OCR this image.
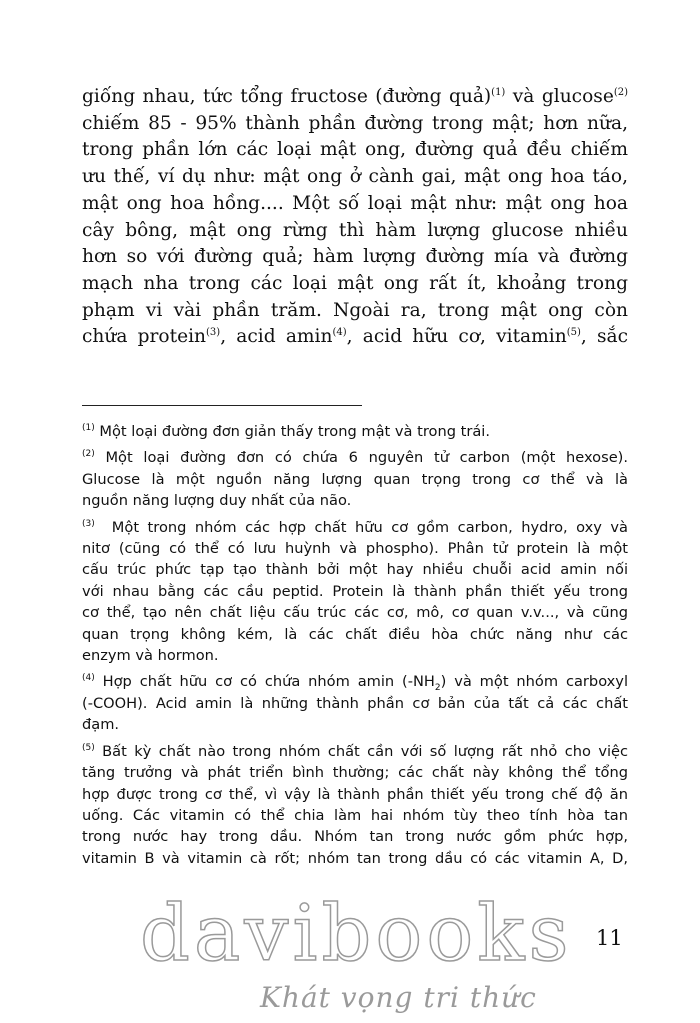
giống nhau, tức tổng fructose (đường quả)$^{(1)}$ và glucose$^{(2)}$
chiếm 85 - 95% thành phần đường trong mật; hơn nữa,
trong phần lớn các loại mật ong, đường quả đều chiếm
ưu thế, ví dụ như: mật ong ở cành gai, mật ong hoa táo,
mật ong hoa hồng.... Một số loại mật như: mật ong hoa
cây bông, mật ong rừng thì hàm lượng glucose nhiều
hơn so với đường quả; hàm lượng đường mía và đường
mạch nha trong các loại mật ong rất ít, khoảng trong
phạm vi vài phần trăm. Ngoài ra, trong mật ong còn
chứa protein$^{(3)}$, acid amin$^{(4)}$, acid hữu cơ, vitamin$^{(5)}$, sắc
$^{(1)}$ Một loại đường đơn giản thấy trong mật và trong trái.
$^{(2)}$ Một loại đường đơn có chứa 6 nguyên tử carbon (một hexose).
Glucose là một nguồn năng lượng quan trọng trong cơ thể và là
nguồn năng lượng duy nhất của não.
$^{(3)}$ Một trong nhóm các hợp chất hữu cơ gồm carbon, hydro, oxy và
nitơ (cũng có thể có lưu huỳnh và phospho). Phân tử protein là một
cấu trúc phức tạp tạo thành bởi một hay nhiều chuỗi acid amin nối
với nhau bằng các cầu peptid. Protein là thành phần thiết yếu trong
cơ thể, tạo nên chất liệu cấu trúc các cơ, mô, cơ quan v.v..., và cũng
quan trọng không kém, là các chất điều hòa chức năng như các
enzym và hormon.
$^{(4)}$ Hợp chất hữu cơ có chứa nhóm amin $(-NH_2)$ và một nhóm carboxyl
(-COOH). Acid amin là những thành phần cơ bản của tất cả các chất
đạm.
$^{(5)}$ Bất kỳ chất nào trong nhóm chất cần với số lượng rất nhỏ cho việc
tăng trưởng và phát triển bình thường; các chất này không thể tổng
hợp được trong cơ thể, vì vậy là thành phần thiết yếu trong chế độ ăn
uống. Các vitamin có thể chia làm hai nhóm tùy theo tính hòa tan
trong nước hay trong dầu. Nhóm tan trong nước gồm phức hợp,
vitamin B và vitamin cà rốt; nhóm tan trong dầu có các vitamin A, D,
davibooks
Khát vọng tri thức
11
